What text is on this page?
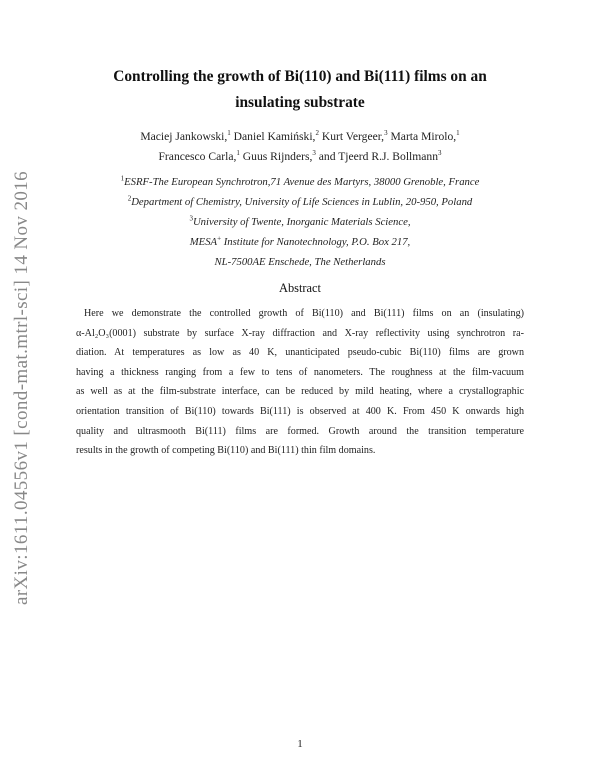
arXiv:1611.04556v1 [cond-mat.mtrl-sci] 14 Nov 2016
Controlling the growth of Bi(110) and Bi(111) films on an
insulating substrate
Maciej Jankowski,$^1$ Daniel Kamiński,$^2$ Kurt Vergeer,$^3$ Marta Mirolo,$^1$
Francesco Carla,$^1$ Guus Rijnders,$^3$ and Tjeerd R.J. Bollmann$^3$
$^1$ESRF-The European Synchrotron,71 Avenue des Martyrs, 38000 Grenoble, France
$^2$Department of Chemistry, University of Life Sciences in Lublin, 20-950, Poland
$^3$University of Twente, Inorganic Materials Science,
MESA+ Institute for Nanotechnology, P.O. Box 217,
NL-7500AE Enschede, The Netherlands
Abstract
Here we demonstrate the controlled growth of Bi(110) and Bi(111) films on an (insulating)
α-Al₂O₃(0001) substrate by surface X-ray diffraction and X-ray reflectivity using synchrotron ra-
diation. At temperatures as low as 40 K, unanticipated pseudo-cubic Bi(110) films are grown
having a thickness ranging from a few to tens of nanometers. The roughness at the film-vacuum
as well as at the film-substrate interface, can be reduced by mild heating, where a crystallographic
orientation transition of Bi(110) towards Bi(111) is observed at 400 K. From 450 K onwards high
quality and ultrasmooth Bi(111) films are formed. Growth around the transition temperature
results in the growth of competing Bi(110) and Bi(111) thin film domains.
1
